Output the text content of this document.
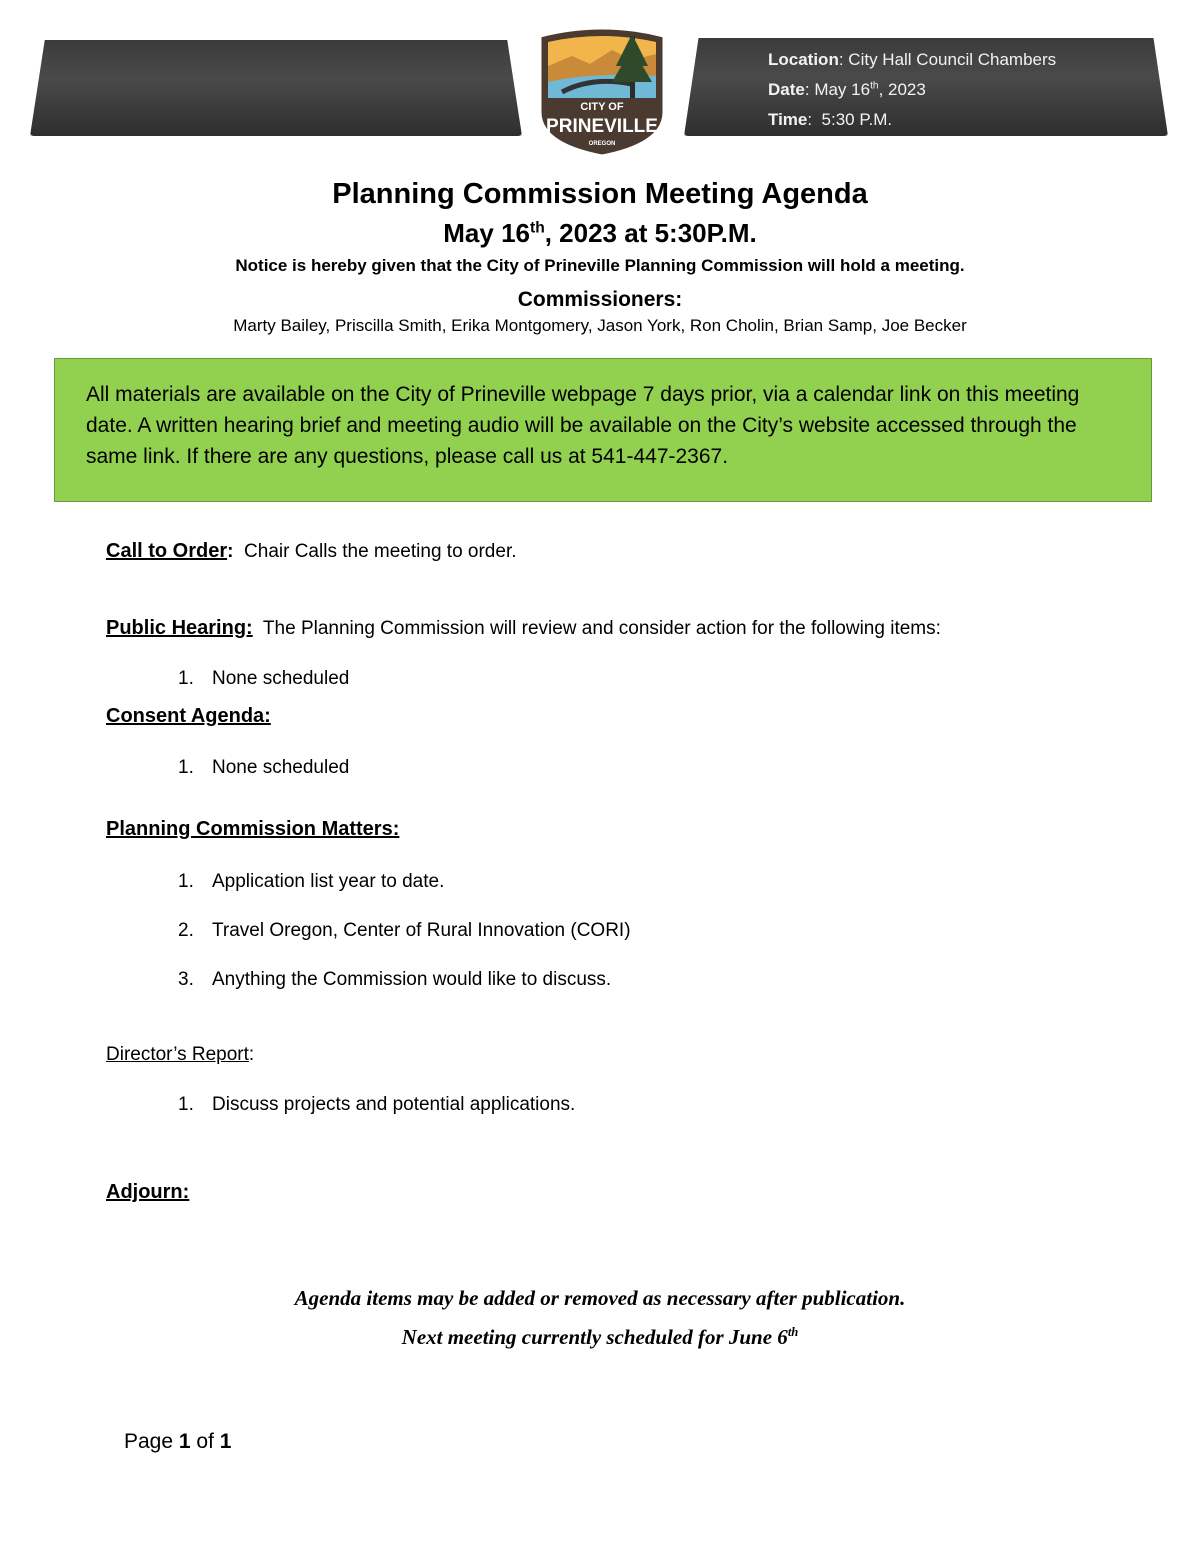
Location: City Hall Council Chambers
Date: May 16th, 2023
Time:  5:30 P.M.
CITY OF
PRINEVILLE
OREGON
Planning Commission Meeting Agenda
May 16th, 2023 at 5:30P.M.
Notice is hereby given that the City of Prineville Planning Commission will hold a meeting.
Commissioners:
Marty Bailey, Priscilla Smith, Erika Montgomery, Jason York, Ron Cholin, Brian Samp, Joe Becker
All materials are available on the City of Prineville webpage 7 days prior, via a calendar link on this meeting date. A written hearing brief and meeting audio will be available on the City’s website accessed through the same link. If there are any questions, please call us at 541-447-2367.
Call to Order: Chair Calls the meeting to order.
Public Hearing: The Planning Commission will review and consider action for the following items:
1. None scheduled
Consent Agenda:
1. None scheduled
Planning Commission Matters:
1. Application list year to date.
2. Travel Oregon, Center of Rural Innovation (CORI)
3. Anything the Commission would like to discuss.
Director’s Report:
1. Discuss projects and potential applications.
Adjourn:
Agenda items may be added or removed as necessary after publication.
Next meeting currently scheduled for June 6th
Page 1 of 1
